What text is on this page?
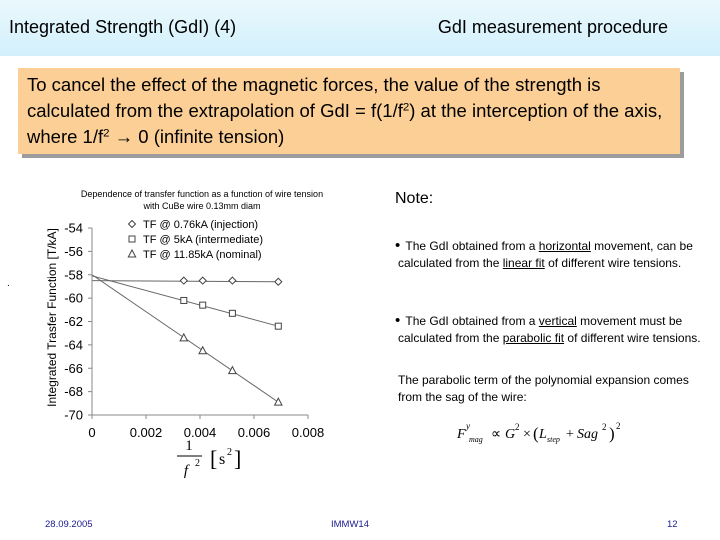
Integrated Strength (GdI) (4)	GdI measurement procedure
To cancel the effect of the magnetic forces, the value of the strength is calculated from the extrapolation of GdI = $f(1/f^2)$ at the interception of the axis, where $1/f^2 \to 0$ (infinite tension)
.
Dependence of transfer function as a function of wire tension
with CuBe wire 0.13mm diam
TF @ 0.76kA (injection)
TF @ 5kA (intermediate)
TF @ 11.85kA (nominal)
-54
-56
-58
-60
-62
-64
-66
-68
-70
0	0.002 0.004 0.006 0.008
1
f 2 [ s 2 ]
Integrated Trasfer Function [T/kA]
Note:
• The GdI obtained from a horizontal movement, can be calculated from the linear fit of different wire tensions.
• The GdI obtained from a vertical movement must be calculated from the parabolic fit of different wire tensions.
The parabolic term of the polynomial expansion comes from the sag of the wire:
F
y
mag ∝ G 2 × ( L step + Sag 2 ) 2
28.09.2005	IMMW14	12
